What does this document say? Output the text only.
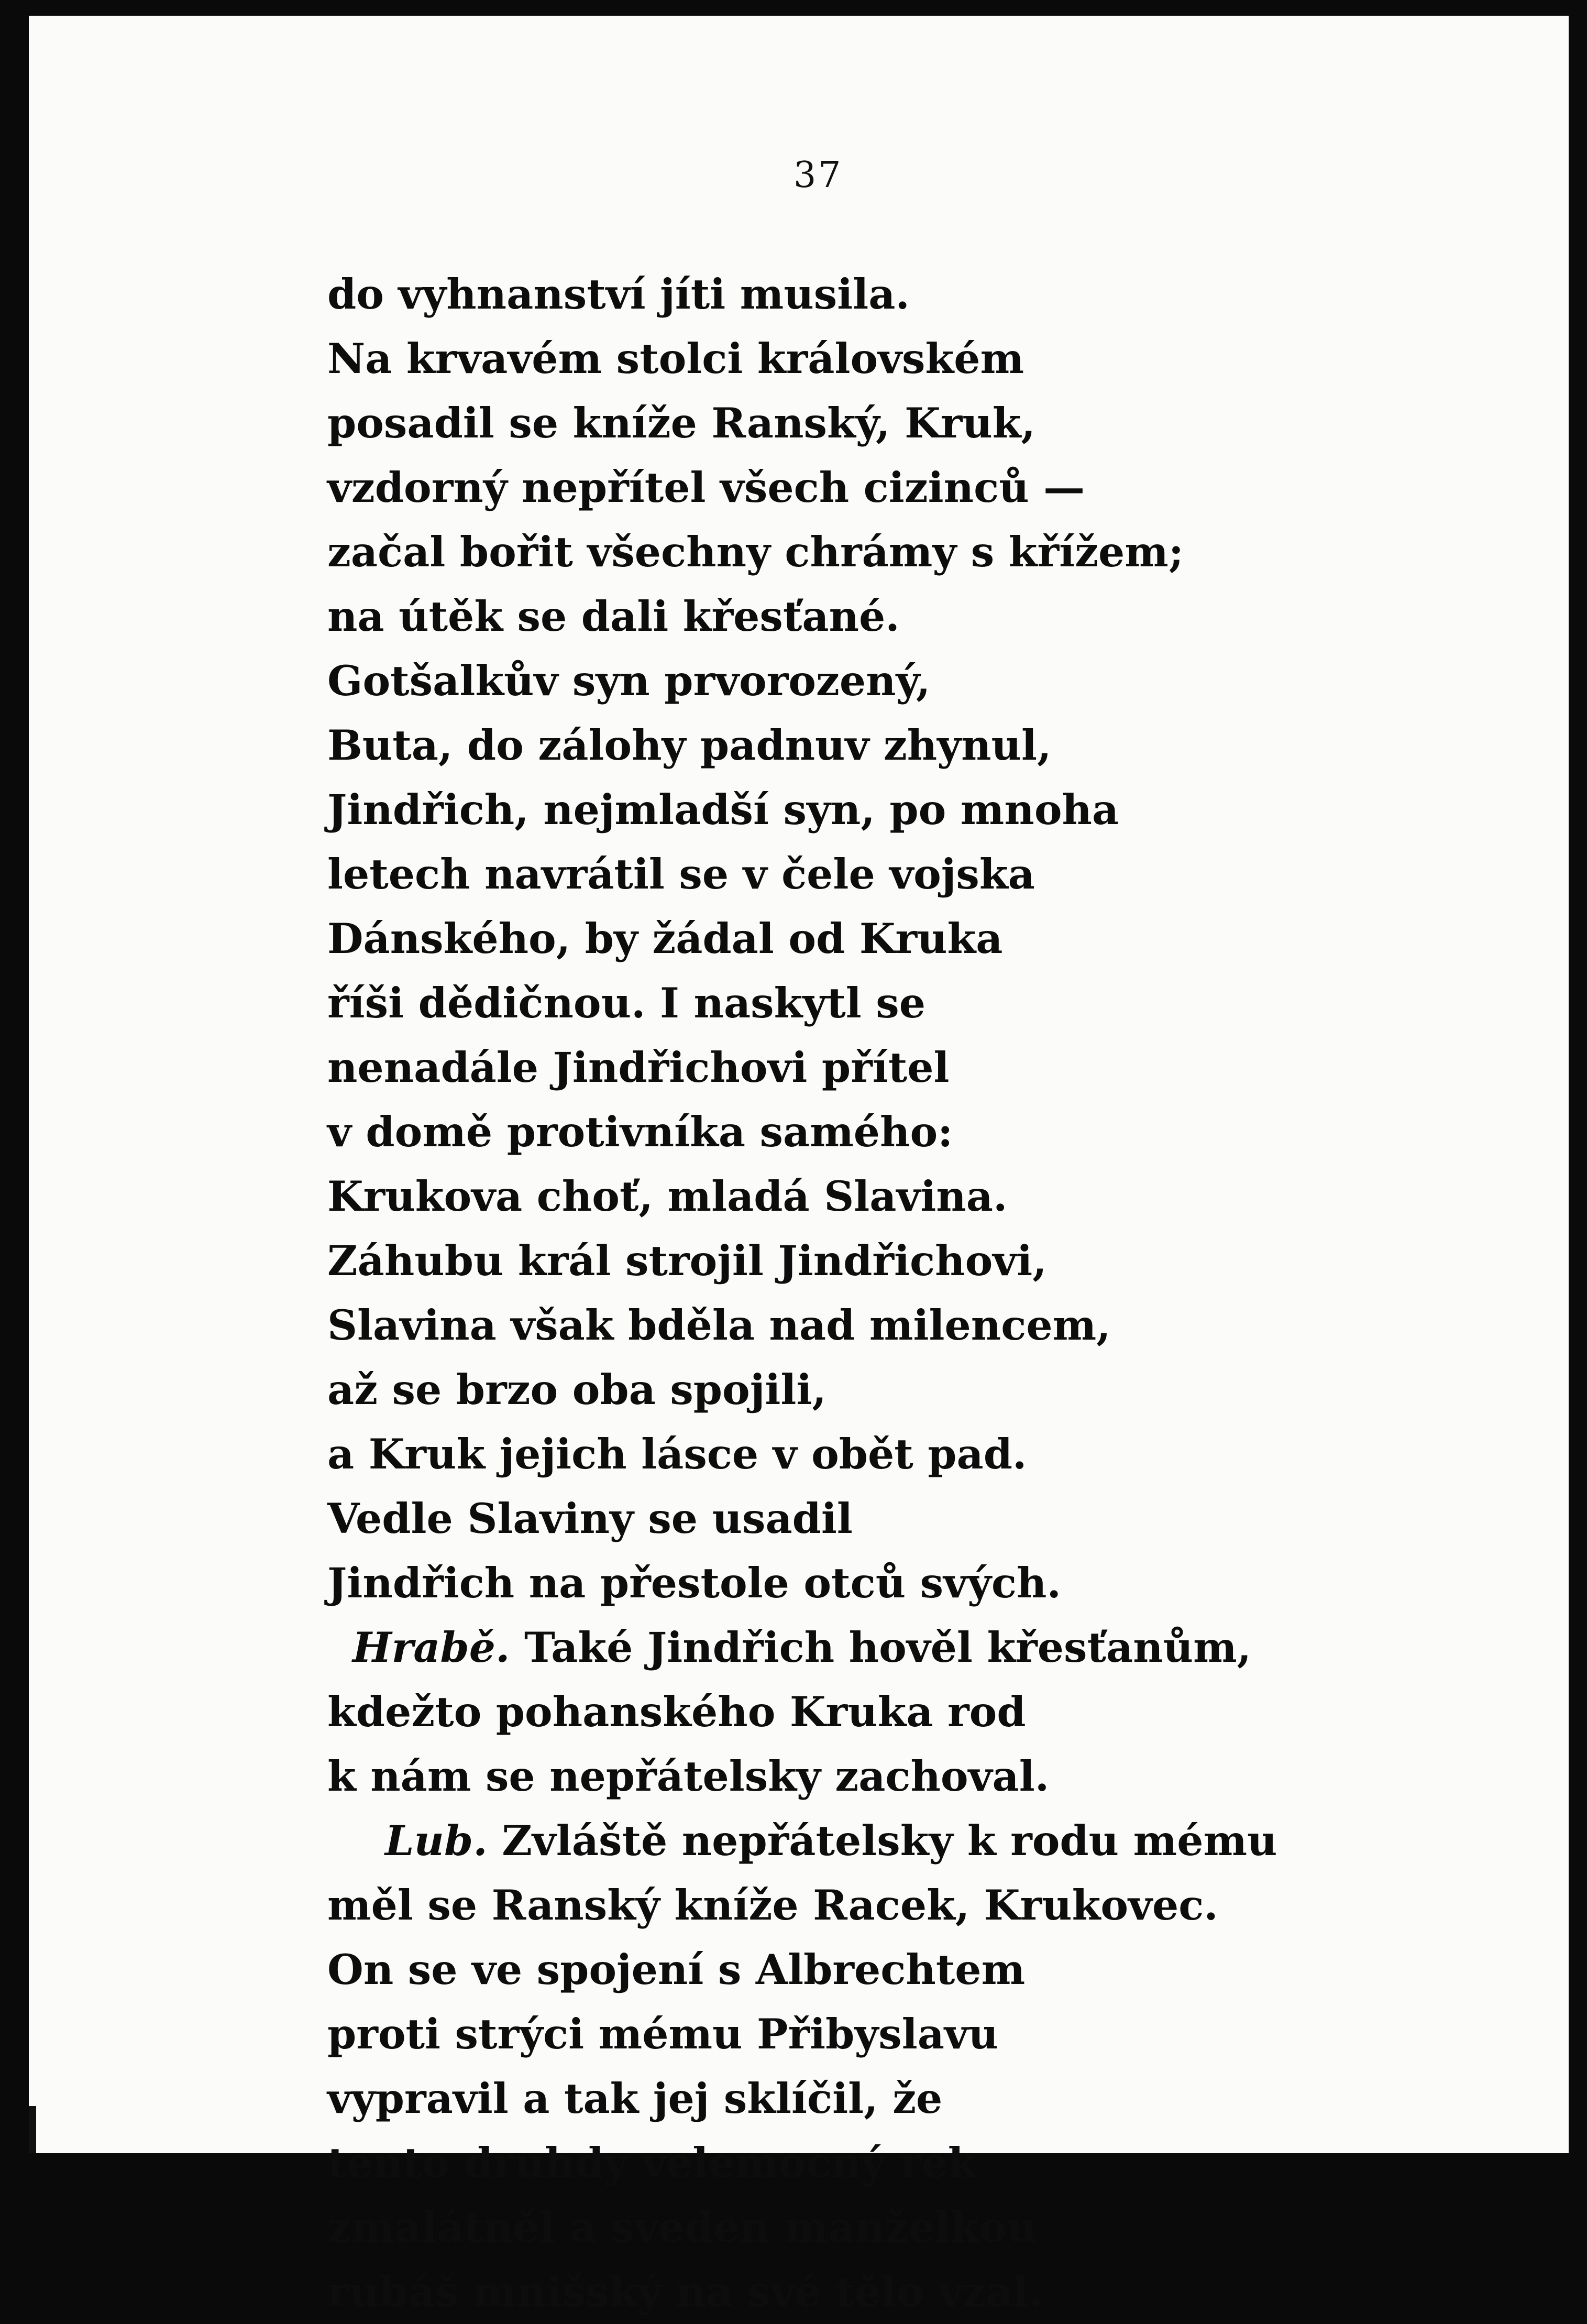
37
do vyhnanství jíti musila.
Na krvavém stolci královském
posadil se kníže Ranský, Kruk,
vzdorný nepřítel všech cizinců —
začal bořit všechny chrámy s křížem;
na útěk se dali křesťané.
Gotšalkův syn prvorozený,
Buta, do zálohy padnuv zhynul,
Jindřich, nejmladší syn, po mnoha
letech navrátil se v čele vojska
Dánského, by žádal od Kruka
říši dědičnou. I naskytl se
nenadále Jindřichovi přítel
v domě protivníka samého:
Krukova choť, mladá Slavina.
Záhubu král strojil Jindřichovi,
Slavina však bděla nad milencem,
až se brzo oba spojili,
a Kruk jejich lásce v obět pad.
Vedle Slaviny se usadil
Jindřich na přestole otců svých.
Hrabě. Také Jindřich hověl křesťanům,
kdežto pohanského Kruka rod
k nám se nepřátelsky zachoval.
Lub. Zvláště nepřátelsky k rodu mému
měl se Ranský kníže Racek, Krukovec.
On se ve spojení s Albrechtem
proti strýci mému Přibyslavu
vypravil a tak jej sklíčil, že
tento druhdy velemocný rek
zmalátněl a sveden manželkou
rubáš mnišský na své tělo vzal.
